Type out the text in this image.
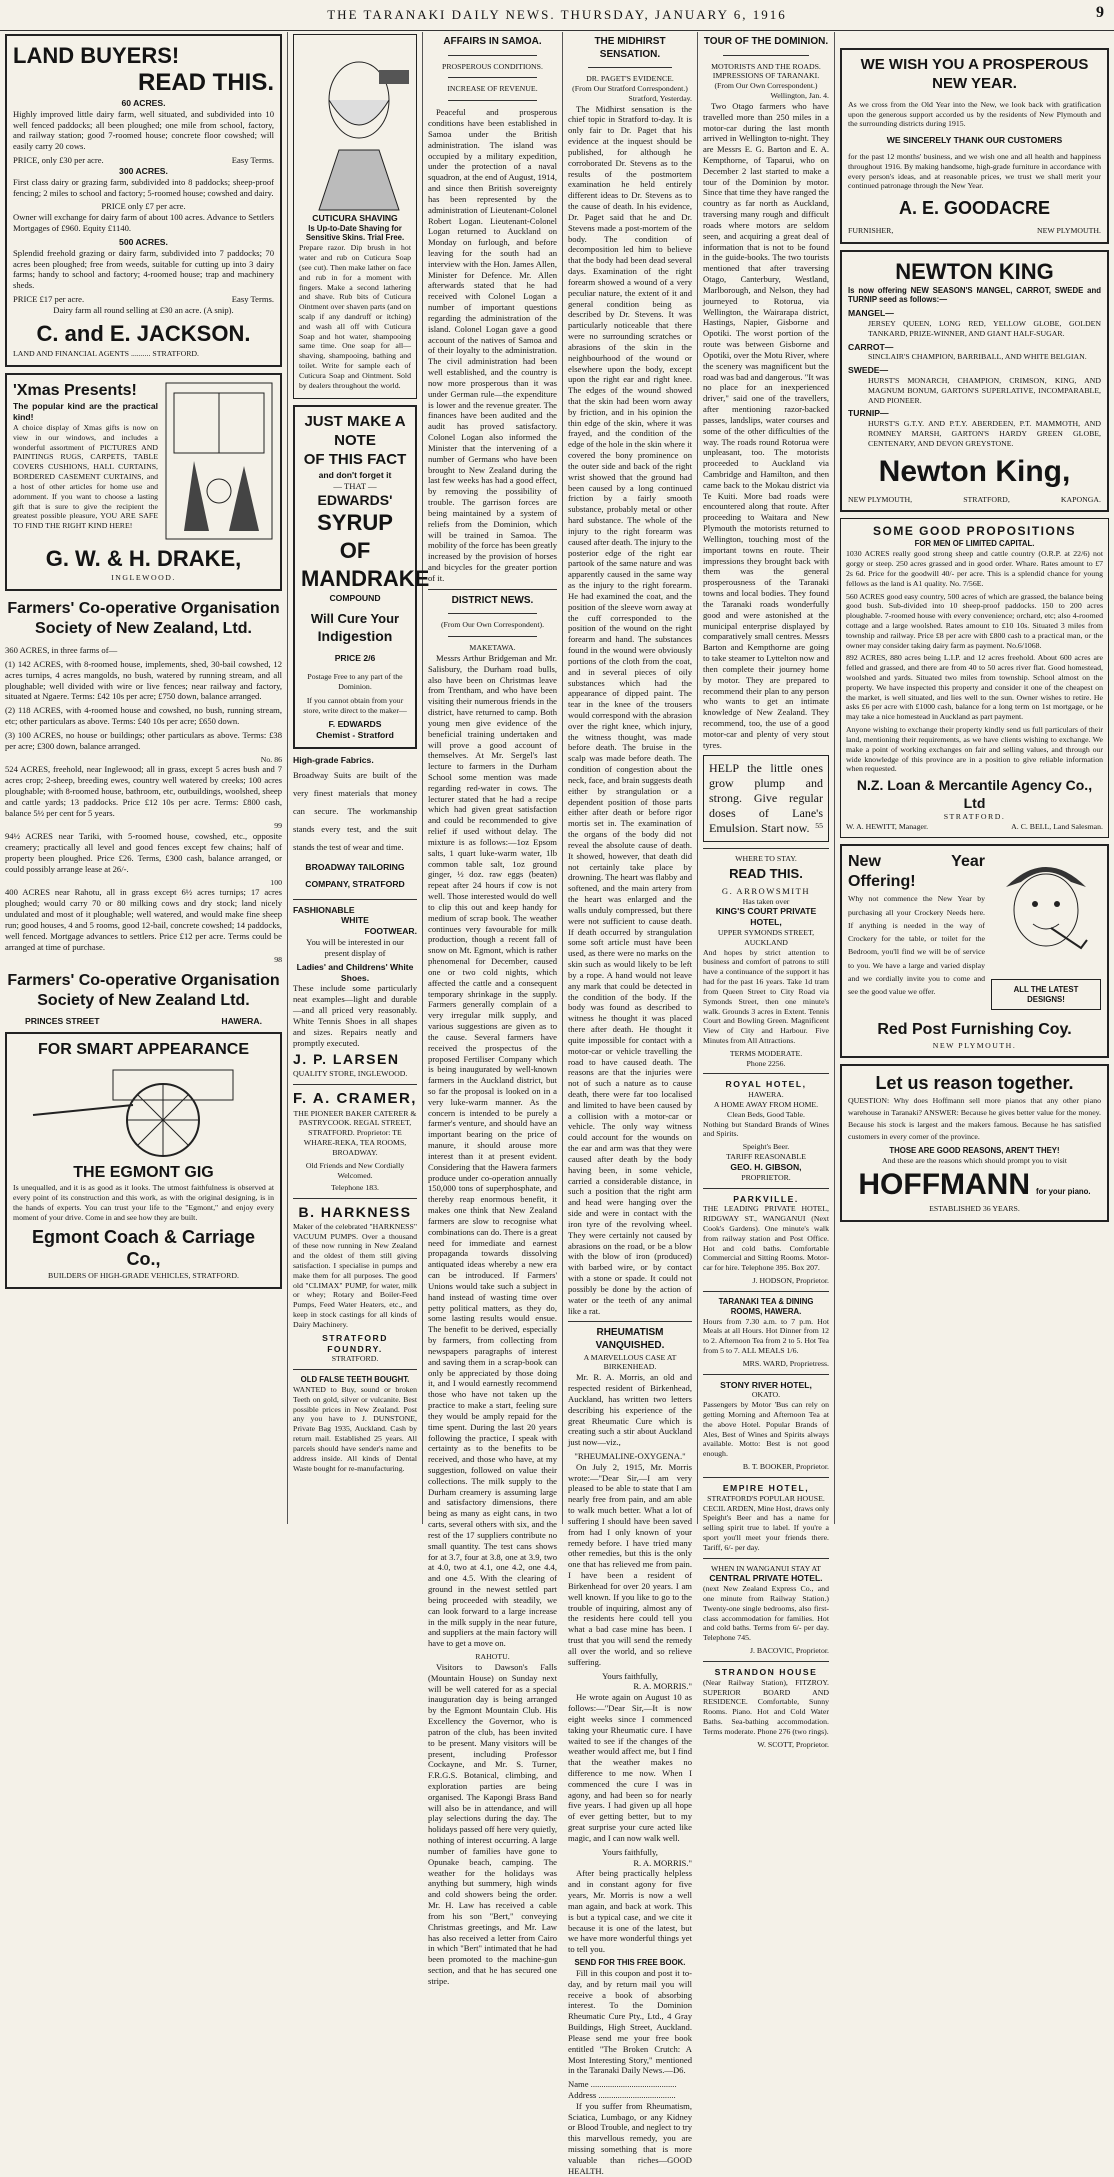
THE TARANAKI DAILY NEWS. THURSDAY, JANUARY 6, 1916	9
LAND BUYERS!
READ THIS.
60 ACRES.

Highly improved little dairy farm, well situated, and subdivided into 10 well fenced paddocks; all been ploughed; one mile from school, factory, and railway station; good 7-roomed house; concrete floor cowshed; will easily carry 20 cows.

PRICE, only £30 per acre.	Easy Terms.
300 ACRES.

First class dairy or grazing farm, subdivided into 8 paddocks; sheep-proof fencing; 2 miles to school and factory; 5-roomed house; cowshed and dairy.

PRICE only £7 per acre.

Owner will exchange for dairy farm of about 100 acres. Advance to Settlers Mortgages of £960. Equity £1140.

500 ACRES.

Splendid freehold grazing or dairy farm, subdivided into 7 paddocks; 70 acres been ploughed; free from weeds, suitable for cutting up into 3 dairy farms; handy to school and factory; 4-roomed house; trap and machinery sheds.

PRICE £17 per acre.	Easy Terms.
Dairy farm all round selling at £30 an acre. (A snip).
C. and E. JACKSON.
LAND AND FINANCIAL AGENTS .......... STRATFORD.
'Xmas Presents!
The popular kind are the practical kind!

A choice display of Xmas gifts is now on view in our windows, and includes a wonderful assortment of PICTURES AND PAINTINGS RUGS, CARPETS, TABLE COVERS CUSHIONS, HALL CURTAINS, BORDERED CASEMENT CURTAINS, and a host of other articles for home use and adornment. If you want to choose a lasting gift that is sure to give the recipient the greatest possible pleasure, YOU ARE SAFE TO FIND THE RIGHT KIND HERE!

G. W. & H. DRAKE,
INGLEWOOD.
Farmers' Co-operative Organisation
Society of New Zealand, Ltd.

360 ACRES, in three farms of—

(1) 142 ACRES, with 8-roomed house, implements, shed, 30-bail cowshed, 12 acres turnips, 4 acres mangolds, no bush, watered by running stream, and all ploughable; well divided with wire or live fences; near railway and factory, situated at Ngaere. Terms: £42 10s per acre; £750 down, balance arranged.

(2) 118 ACRES, with 4-roomed house and cowshed, no bush, running stream, etc; other particulars as above. Terms: £40 10s per acre; £650 down.

(3) 100 ACRES, no house or buildings; other particulars as above. Terms: £38 per acre; £300 down, balance arranged.

No. 86

524 ACRES, freehold, near Inglewood; all in grass, except 5 acres bush and 7 acres crop; 2-sheep, breeding ewes, country well watered by creeks; 100 acres ploughable; with 8-roomed house, bathroom, etc, outbuildings, woolshed, sheep and cattle yards; 13 paddocks. Price £12 10s per acre. Terms: £800 cash, balance 5½ per cent for 5 years.

99

94½ ACRES near Tariki, with 5-roomed house, cowshed, etc., opposite creamery; practically all level and good fences except few chains; half of property been ploughed. Price £26. Terms, £300 cash, balance arranged, or could possibly arrange lease at 26/-.

100

400 ACRES near Rahotu, all in grass except 6½ acres turnips; 17 acres ploughed; would carry 70 or 80 milking cows and dry stock; land nicely undulated and most of it ploughable; well watered, and would make fine sheep run; good houses, 4 and 5 rooms, good 12-bail, concrete cowshed; 14 paddocks, well fenced. Mortgage advances to settlers. Price £12 per acre. Terms could be arranged at time of purchase.

98
Farmers' Co-operative Organisation
Society of New Zealand Ltd.
PRINCES STREET	HAWERA.
FOR SMART APPEARANCE
THE EGMONT GIG

Is unequalled, and it is as good as it looks. The utmost faithfulness is observed at every point of its construction and this work, as with the original designing, is in the hands of experts. You can trust your life to the "Egmont," and enjoy every moment of your drive. Come in and see how they are built.

Egmont Coach & Carriage Co.,
BUILDERS OF HIGH-GRADE VEHICLES, STRATFORD.
CUTICURA SHAVING
Is Up-to-Date Shaving for Sensitive Skins. Trial Free.

Prepare razor. Dip brush in hot water and rub on Cuticura Soap (see cut). Then make lather on face and rub in for a moment with fingers. Make a second lathering and shave. Rub bits of Cuticura Ointment over shaven parts (and on scalp if any dandruff or itching) and wash all off with Cuticura Soap and hot water, shampooing same time. One soap for all—shaving, shampooing, bathing and toilet. Write for sample each of Cuticura Soap and Ointment. Sold by dealers throughout the world.

JUST MAKE A NOTE
OF THIS FACT
and don't forget it
— THAT —
EDWARDS'
SYRUP OF
MANDRAKE
COMPOUND
Will Cure Your
Indigestion
PRICE 2/6
Postage Free to any part of the Dominion.
If you cannot obtain from your store, write direct to the maker—
F. EDWARDS
Chemist - Stratford
High-grade Fabrics.

Broadway Suits are built of the very finest materials that money can secure. The workmanship stands every test, and the suit stands the test of wear and time.

BROADWAY TAILORING COMPANY, STRATFORD
FASHIONABLE
WHITE
FOOTWEAR.

You will be interested in our present display of

Ladies' and Childrens' White Shoes.

These include some particularly neat examples—light and durable—and all priced very reasonably. White Tennis Shoes in all shapes and sizes. Repairs neatly and promptly executed.

J. P. LARSEN
QUALITY STORE, INGLEWOOD.
F. A. CRAMER,

THE PIONEER BAKER CATERER & PASTRYCOOK. REGAL STREET, STRATFORD. Proprietor: TE WHARE-REKA, TEA ROOMS, BROADWAY.

Old Friends and New Cordially Welcomed.

Telephone 183.
B. HARKNESS

Maker of the celebrated "HARKNESS" VACUUM PUMPS. Over a thousand of these now running in New Zealand and the oldest of them still giving satisfaction. I specialise in pumps and make them for all purposes. The good old "CLIMAX" PUMP, for water, milk or whey; Rotary and Boiler-Feed Pumps, Feed Water Heaters, etc., and keep in stock castings for all kinds of Dairy Machinery.

STRATFORD FOUNDRY.
STRATFORD.
OLD FALSE TEETH BOUGHT.

WANTED to Buy, sound or broken Teeth on gold, silver or vulcanite. Best possible prices in New Zealand. Post any you have to J. DUNSTONE, Private Bag 1935, Auckland. Cash by return mail. Established 25 years. All parcels should have sender's name and address inside. All kinds of Dental Waste bought for re-manufacturing.

AFFAIRS IN SAMOA.
PROSPEROUS CONDITIONS.
INCREASE OF REVENUE.

Peaceful and prosperous conditions have been established in Samoa under the British administration. The island was occupied by a military expedition, under the protection of a naval squadron, at the end of August, 1914, and since then British sovereignty has been represented by the administration of Lieutenant-Colonel Robert Logan. Lieutenant-Colonel Logan returned to Auckland on Monday on furlough, and before leaving for the south had an interview with the Hon. James Allen, Minister for Defence. Mr. Allen afterwards stated that he had received with Colonel Logan a number of important questions regarding the administration of the island. Colonel Logan gave a good account of the natives of Samoa and of their loyalty to the administration. The civil administration had been well established, and the country is now more prosperous than it was under German rule—the expenditure is lower and the revenue greater. The finances have been audited and the audit has proved satisfactory. Colonel Logan also informed the Minister that the intervening of a number of Germans who have been brought to New Zealand during the last few weeks has had a good effect, by removing the possibility of trouble. The garrison forces are being maintained by a system of reliefs from the Dominion, which will be trained in Samoa. The mobility of the force has been greatly increased by the provision of horses and bicycles for the greater portion of it.

DISTRICT NEWS.
(From Our Own Correspondent).
MAKETAWA.

Messrs Arthur Bridgeman and Mr. Salisbury, the Durham road bulls, also have been on Christmas leave from Trentham, and who have been visiting their numerous friends in the district, have returned to camp. Both young men give evidence of the beneficial training undertaken and will prove a good account of themselves. At Mr. Sergel's last lecture to farmers in the Durham School some mention was made regarding red-water in cows. The lecturer stated that he had a recipe which had given great satisfaction and could be recommended to give relief if used without delay. The mixture is as follows:—1oz Epsom salts, 1 quart luke-warm water, 1lb common table salt, 1oz ground ginger, ½ doz. raw eggs (beaten) repeat after 24 hours if cow is not well. Those interested would do well to clip this out and keep handy for medium of scrap book. The weather continues very favourable for milk production, though a recent fall of snow on Mt. Egmont, which is rather phenomenal for December, caused one or two cold nights, which affected the cattle and a consequent temporary shrinkage in the supply. Farmers generally complain of a very irregular milk supply, and various suggestions are given as to the cause. Several farmers have received the prospectus of the proposed Fertiliser Company which is being inaugurated by well-known farmers in the Auckland district, but so far the proposal is looked on in a very luke-warm manner. As the concern is intended to be purely a farmer's venture, and should have an important bearing on the price of manure, it should arouse more interest than it at present evident. Considering that the Hawera farmers produce under co-operation annually 150,000 tons of superphosphate, and thereby reap enormous benefit, it makes one think that New Zealand farmers are slow to recognise what combinations can do. There is a great need for immediate and earnest propaganda towards dissolving antiquated ideas whereby a new era can be introduced. If Farmers' Unions would take such a subject in hand instead of wasting time over petty political matters, as they do, some lasting results would ensue. The benefit to be derived, especially by farmers, from collecting from newspapers paragraphs of interest and saving them in a scrap-book can only be appreciated by those doing it, and I would earnestly recommend those who have not taken up the practice to make a start, feeling sure they would be amply repaid for the time spent. During the last 20 years following the practice, I speak with certainty as to the benefits to be received, and those who have, at my suggestion, followed on value their collections. The milk supply to the Durham creamery is assuming large and satisfactory dimensions, there being as many as eight cans, in two carts, several others with six, and the rest of the 17 suppliers contribute no small quantity. The test cans shows for at 3.7, four at 3.8, one at 3.9, two at 4.0, two at 4.1, one 4.2, one 4.4, and one 4.5. With the clearing of ground in the newest settled part being proceeded with steadily, we can look forward to a large increase in the milk supply in the near future, and suppliers at the main factory will have to get a move on.

RAHOTU.

Visitors to Dawson's Falls (Mountain House) on Sunday next will be well catered for as a special inauguration day is being arranged by the Egmont Mountain Club. His Excellency the Governor, who is patron of the club, has been invited to be present. Many visitors will be present, including Professor Cockayne, and Mr. S. Turner, F.R.G.S. Botanical, climbing, and exploration parties are being organised. The Kapongi Brass Band will also be in attendance, and will play selections during the day. The holidays passed off here very quietly, nothing of interest occurring. A large number of families have gone to Opunake beach, camping. The weather for the holidays was anything but summery, high winds and cold showers being the order. Mr. H. Law has received a cable from his son "Bert," conveying Christmas greetings, and Mr. Law has also received a letter from Cairo in which "Bert" intimated that he had been promoted to the machine-gun section, and that he has secured one stripe.

THE MIDHIRST SENSATION.
DR. PAGET'S EVIDENCE.
(From Our Stratford Correspondent.)
Stratford, Yesterday.

The Midhirst sensation is the chief topic in Stratford to-day. It is only fair to Dr. Paget that his evidence at the inquest should be published, for although he corroborated Dr. Stevens as to the results of the postmortem examination he held entirely different ideas to Dr. Stevens as to the cause of death. In his evidence, Dr. Paget said that he and Dr. Stevens made a post-mortem of the body. The condition of decomposition led him to believe that the body had been dead several days. Examination of the right forearm showed a wound of a very peculiar nature, the extent of it and general condition being as described by Dr. Stevens. It was particularly noticeable that there were no surrounding scratches or abrasions of the skin in the neighbourhood of the wound or elsewhere upon the body, except upon the right ear and right knee. The edges of the wound showed that the skin had been worn away by friction, and in his opinion the thin edge of the skin, where it was frayed, and the condition of the edge of the hole in the skin where it covered the bony prominence on the outer side and back of the right wrist showed that the ground had been caused by a long continued friction by a fairly smooth substance, probably metal or other hard substance. The whole of the injury to the right forearm was caused after death. The injury to the posterior edge of the right ear partook of the same nature and was apparently caused in the same way as the injury to the right forearm. He had examined the coat, and the position of the sleeve worn away at the cuff corresponded to the position of the wound on the right forearm and hand. The substances found in the wound were obviously portions of the cloth from the coat, and in several pieces of oily substances which had the appearance of dipped paint. The tear in the knee of the trousers would correspond with the abrasion over the right knee, which injury, the witness thought, was made before death. The bruise in the scalp was made before death. The condition of congestion about the neck, face, and brain suggests death either by strangulation or a dependent position of those parts either after death or before rigor mortis set in. The examination of the organs of the body did not reveal the absolute cause of death. It showed, however, that death did not certainly take place by drowning. The heart was flabby and softened, and the main artery from the heart was enlarged and the walls unduly compressed, but there were not sufficient to cause death. If death occurred by strangulation some soft article must have been used, as there were no marks on the skin such as would likely to be left by a rope. A hand would not leave any mark that could be detected in the condition of the body. If the body was found as described to witness he thought it was placed there after death. He thought it quite impossible for contact with a motor-car or vehicle travelling the road to have caused death. The reasons are that the injuries were not of such a nature as to cause death, there were far too localised and limited to have been caused by a collision with a motor-car or vehicle. The only way witness could account for the wounds on the ear and arm was that they were caused after death by the body having been, in some vehicle, carried a considerable distance, in such a position that the right arm and head were hanging over the side and were in contact with the iron tyre of the revolving wheel. They were certainly not caused by abrasions on the road, or be a blow with the blow of iron (produced) with barbed wire, or by contact with a stone or spade. It could not possibly be done by the action of water or the teeth of any animal like a rat.

RHEUMATISM VANQUISHED.
A MARVELLOUS CASE AT BIRKENHEAD.

Mr. R. A. Morris, an old and respected resident of Birkenhead, Auckland, has written two letters describing his experience of the great Rheumatic Cure which is creating such a stir about Auckland just now—viz.,

"RHEUMALINE-OXYGENA."

On July 2, 1915, Mr. Morris wrote:—"Dear Sir,—I am very pleased to be able to state that I am nearly free from pain, and am able to walk much better. What a lot of suffering I should have been saved from had I only known of your remedy before. I have tried many other remedies, but this is the only one that has relieved me from pain. I have been a resident of Birkenhead for over 20 years. I am well known. If you like to go to the trouble of inquiring, almost any of the residents here could tell you what a bad case mine has been. I trust that you will send the remedy all over the world, and so relieve suffering.

Yours faithfully,
R. A. MORRIS."

He wrote again on August 10 as follows:—"Dear Sir,—It is now eight weeks since I commenced taking your Rheumatic cure. I have waited to see if the changes of the weather would affect me, but I find that the weather makes no difference to me now. When I commenced the cure I was in agony, and had been so for nearly five years. I had given up all hope of ever getting better, but to my great surprise your cure acted like magic, and I can now walk well.

Yours faithfully,
R. A. MORRIS."

After being practically helpless and in constant agony for five years, Mr. Morris is now a well man again, and back at work. This is but a typical case, and we cite it because it is one of the latest, but we have more wonderful things yet to tell you.

SEND FOR THIS FREE BOOK.

Fill in this coupon and post it to-day, and by return mail you will receive a book of absorbing interest. To the Dominion Rheumatic Cure Pty., Ltd., 4 Gray Buildings, High Street, Auckland. Please send me your free book entitled "The Broken Crutch: A Most Interesting Story," mentioned in the Taranaki Daily News.—D6.

Name ........................................
Address ....................................

If you suffer from Rheumatism, Sciatica, Lumbago, or any Kidney or Blood Trouble, and neglect to try this marvellous remedy, you are missing something that is more valuable than riches—GOOD HEALTH.

TOUR OF THE DOMINION.
MOTORISTS AND THE ROADS.
IMPRESSIONS OF TARANAKI.
(From Our Own Correspondent.)
Wellington, Jan. 4.

Two Otago farmers who have travelled more than 250 miles in a motor-car during the last month arrived in Wellington to-night. They are Messrs E. G. Barton and E. A. Kempthorne, of Taparui, who on December 2 last started to make a tour of the Dominion by motor. Since that time they have ranged the country as far north as Auckland, traversing many rough and difficult roads where motors are seldom seen, and acquiring a great deal of information that is not to be found in the guide-books. The two tourists mentioned that after traversing Otago, Canterbury, Westland, Marlborough, and Nelson, they had journeyed to Rotorua, via Wellington, the Wairarapa district, Hastings, Napier, Gisborne and Opotiki. The worst portion of the route was between Gisborne and Opotiki, over the Motu River, where the scenery was magnificent but the road was bad and dangerous. "It was no place for an inexperienced driver," said one of the travellers, after mentioning razor-backed passes, landslips, water courses and some of the other difficulties of the way. The roads round Rotorua were unpleasant, too. The motorists proceeded to Auckland via Cambridge and Hamilton, and then came back to the Mokau district via Te Kuiti. More bad roads were encountered along that route. After proceeding to Waitara and New Plymouth the motorists returned to Wellington, touching most of the important towns en route. Their impressions they brought back with them was the general prosperousness of the Taranaki towns and local bodies. They found the Taranaki roads wonderfully good and were astonished at the municipal enterprise displayed by comparatively small centres. Messrs Barton and Kempthorne are going to take steamer to Lyttelton now and then complete their journey home by motor. They are prepared to recommend their plan to any person who wants to get an intimate knowledge of New Zealand. They recommend, too, the use of a good motor-car and plenty of very stout tyres.

HELP the little ones grow plump and strong. Give regular doses of Lane's Emulsion. Start now. 55
WHERE TO STAY.
READ THIS.
G. ARROWSMITH
Has taken over
KING'S COURT PRIVATE HOTEL,
UPPER SYMONDS STREET, AUCKLAND

And hopes by strict attention to business and comfort of patrons to still have a continuance of the support it has had for the past 16 years. Take 1d tram from Queen Street to City Road via Symonds Street, then one minute's walk. Grounds 3 acres in Extent. Tennis Court and Bowling Green. Magnificent View of City and Harbour. Five Minutes from All Attractions.

TERMS MODERATE.
Phone 2256.
ROYAL HOTEL,
HAWERA.
A HOME AWAY FROM HOME.
Clean Beds, Good Table.

Nothing but Standard Brands of Wines and Spirits.

Speight's Beer.
TARIFF REASONABLE
GEO. H. GIBSON,
PROPRIETOR.
PARKVILLE.

THE LEADING PRIVATE HOTEL, RIDGWAY ST., WANGANUI (Next Cook's Gardens). One minute's walk from railway station and Post Office. Hot and cold baths. Comfortable Commercial and Sitting Rooms. Motor-car for hire. Telephone 395. Box 207.

J. HODSON, Proprietor.
TARANAKI TEA & DINING ROOMS, HAWERA.

Hours from 7.30 a.m. to 7 p.m. Hot Meals at all Hours. Hot Dinner from 12 to 2. Afternoon Tea from 2 to 5. Hot Tea from 5 to 7. ALL MEALS 1/6.

MRS. WARD, Proprietress.
STONY RIVER HOTEL,
OKATO.

Passengers by Motor 'Bus can rely on getting Morning and Afternoon Tea at the above Hotel. Popular Brands of Ales, Best of Wines and Spirits always available. Motto: Best is not good enough.

B. T. BOOKER, Proprietor.
EMPIRE HOTEL,
STRATFORD'S POPULAR HOUSE.

CECIL ARDEN, Mine Host, draws only Speight's Beer and has a name for selling spirit true to label. If you're a sport you'll meet your friends there. Tariff, 6/- per day.

WHEN IN WANGANUI STAY AT
CENTRAL PRIVATE HOTEL.

(next New Zealand Express Co., and one minute from Railway Station.) Twenty-one single bedrooms, also first-class accommodation for families. Hot and cold baths. Terms from 6/- per day. Telephone 745.

J. BACOVIC, Proprietor.
STRANDON HOUSE

(Near Railway Station), FITZROY. SUPERIOR BOARD AND RESIDENCE. Comfortable, Sunny Rooms. Piano. Hot and Cold Water Baths. Sea-bathing accommodation. Terms moderate. Phone 276 (two rings).

W. SCOTT, Proprietor.
WE WISH YOU A PROSPEROUS NEW YEAR.

As we cross from the Old Year into the New, we look back with gratification upon the generous support accorded us by the residents of New Plymouth and the surrounding districts during 1915.

WE SINCERELY THANK OUR CUSTOMERS

for the past 12 months' business, and we wish one and all health and happiness throughout 1916. By making handsome, high-grade furniture in accordance with every person's ideas, and at reasonable prices, we trust we shall merit your continued patronage through the New Year.

A. E. GOODACRE
FURNISHER,	NEW PLYMOUTH.
NEWTON KING

Is now offering NEW SEASON'S MANGEL, CARROT, SWEDE and TURNIP seed as follows:—

MANGEL—

JERSEY QUEEN, LONG RED, YELLOW GLOBE, GOLDEN TANKARD, PRIZE-WINNER, AND GIANT HALF-SUGAR.

CARROT—

SINCLAIR'S CHAMPION, BARRIBALL, AND WHITE BELGIAN.

SWEDE—

HURST'S MONARCH, CHAMPION, CRIMSON, KING, AND MAGNUM BONUM, GARTON'S SUPERLATIVE, INCOMPARABLE, AND PIONEER.

TURNIP—

HURST'S G.T.Y. AND P.T.Y. ABERDEEN, P.T. MAMMOTH, AND ROMNEY MARSH, GARTON'S HARDY GREEN GLOBE, CENTENARY, AND DEVON GREYSTONE.

Newton King,
NEW PLYMOUTH,	STRATFORD,	KAPONGA.
SOME GOOD PROPOSITIONS
FOR MEN OF LIMITED CAPITAL.

1030 ACRES really good strong sheep and cattle country (O.R.P. at 22/6) not gorgy or steep. 250 acres grassed and in good order. Whare. Rates amount to £7 2s 6d. Price for the goodwill 40/- per acre. This is a splendid chance for young fellows as the land is A1 quality. No. 7/56E.

560 ACRES good easy country, 500 acres of which are grassed, the balance being good bush. Sub-divided into 10 sheep-proof paddocks. 150 to 200 acres ploughable. 7-roomed house with every convenience; orchard, etc; also 4-roomed cottage and a large woolshed. Rates amount to £10 10s. Situated 3 miles from township and railway. Price £8 per acre with £800 cash to a practical man, or the owner may consider taking dairy farm as payment. No.6/1068.

892 ACRES, 880 acres being L.I.P. and 12 acres freehold. About 600 acres are felled and grassed, and there are from 40 to 50 acres river flat. Good homestead, woolshed and yards. Situated two miles from township. School almost on the property. We have inspected this property and consider it one of the cheapest on the market, is well situated, and lies well to the sun. Owner wishes to retire. He asks £6 per acre with £1000 cash, balance for a long term on 1st mortgage, or he may take a nice homestead in Auckland as part payment.

Anyone wishing to exchange their property kindly send us full particulars of their land, mentioning their requirements, as we have clients wishing to exchange. We make a point of working exchanges on fair and selling values, and through our wide knowledge of this province are in a position to give reliable information when requested.

N.Z. Loan & Mercantile Agency Co., Ltd
STRATFORD.
W. A. HEWITT, Manager.	A. C. BELL, Land Salesman.
New Year Offering!

Why not commence the New Year by purchasing all your Crockery Needs here. If anything is needed in the way of Crockery for the table, or toilet for the Bedroom, you'll find we will be of service to you. We have a large and varied display and we cordially invite you to come and see the good value we offer.	ALL THE LATEST DESIGNS!
Red Post Furnishing Coy.
NEW PLYMOUTH.
Let us reason together.

QUESTION: Why does Hoffmann sell more pianos that any other piano warehouse in Taranaki? ANSWER: Because he gives better value for the money. Because his stock is largest and the makers famous. Because he has satisfied customers in every corner of the province.

THOSE ARE GOOD REASONS, AREN'T THEY!
And these are the reasons which should prompt you to visit
HOFFMANN for your piano.
ESTABLISHED 36 YEARS.
